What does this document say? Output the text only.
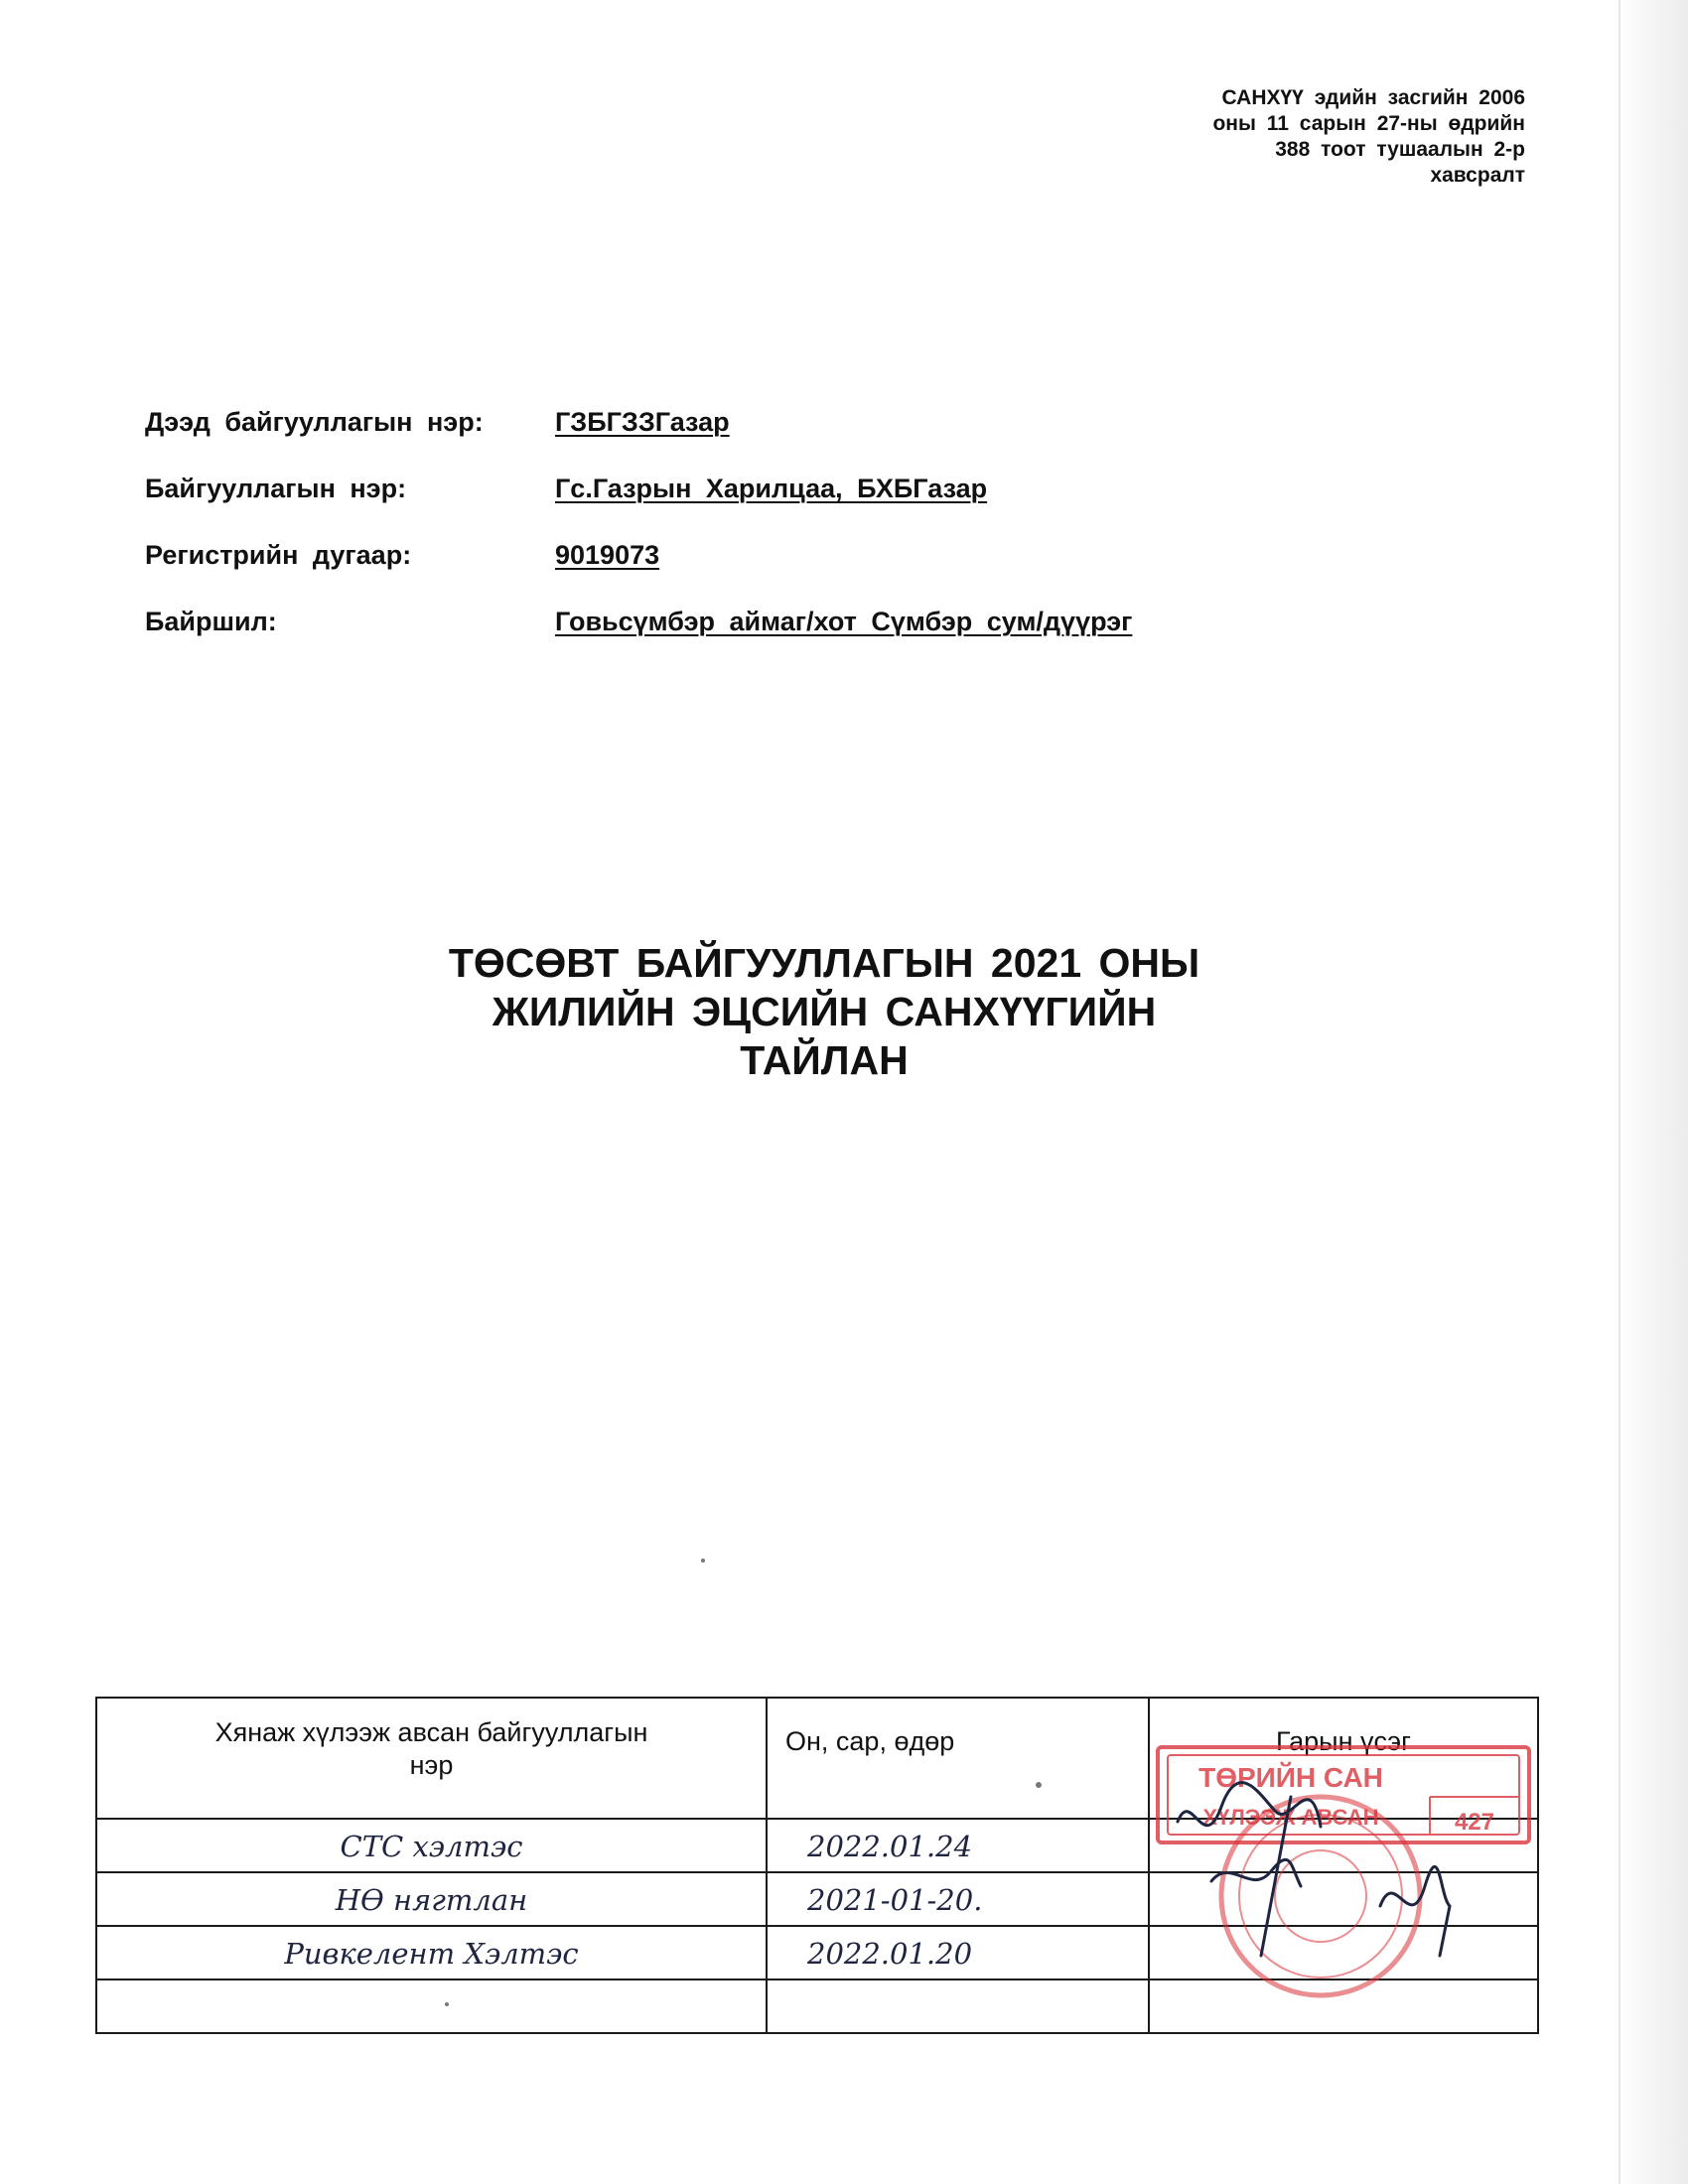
САНХҮҮ эдийн засгийн 2006
оны 11 сарын 27-ны өдрийн
388 тоот тушаалын 2-р
хавсралт
Дээд байгууллагын нэр:	ГЗБГЗЗГазар
Байгууллагын нэр:	Гс.Газрын Харилцаа, БХБГазар
Регистрийн дугаар:	9019073
Байршил:	Говьсүмбэр аймаг/хот Сүмбэр сум/дүүрэг
ТӨСӨВТ БАЙГУУЛЛАГЫН 2021 ОНЫ
ЖИЛИЙН ЭЦСИЙН САНХҮҮГИЙН
ТАЙЛАН
Хянаж хүлээж авсан байгууллагын
нэр	Он, сар, өдөр	Гарын үсэг

СТС хэлтэс	2022.01.24	

НӨ нягтлан	2021-01-20.	

Ривкелент Хэлтэс	2022.01.20	

ТӨРИЙН САН
ХҮЛЭЭЖ АВСАН	427
